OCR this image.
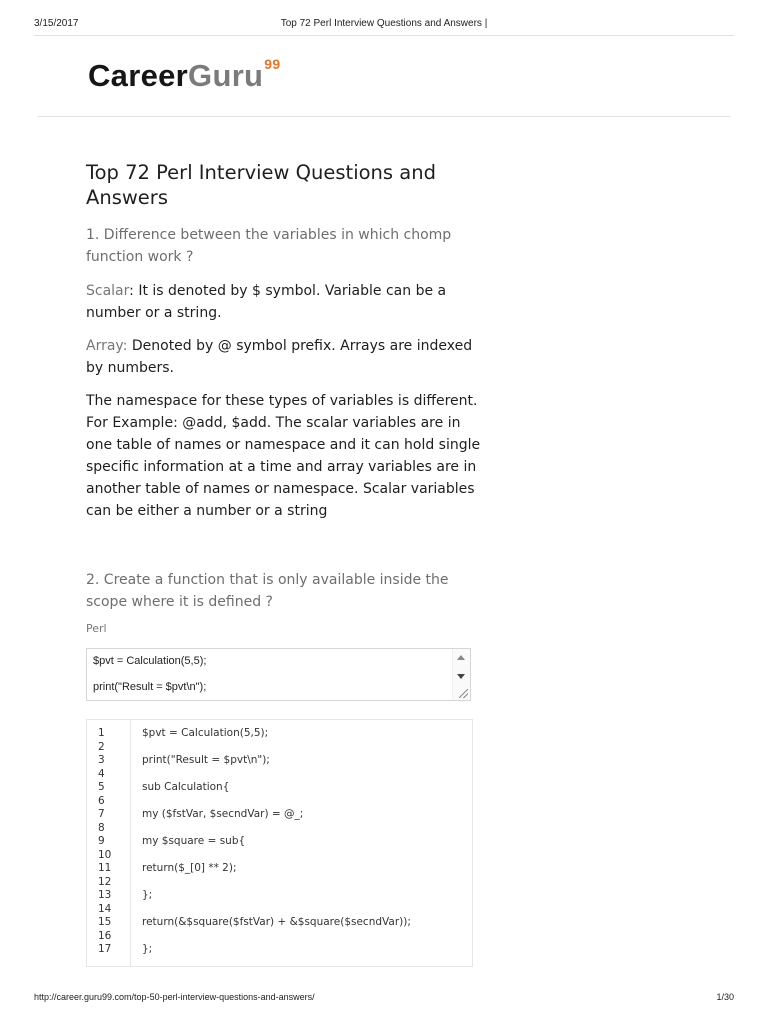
3/15/2017	Top 72 Perl Interview Questions and Answers |
CareerGuru$^{99}$
Top 72 Perl Interview Questions and Answers
1. Difference between the variables in which chomp function work ?

Scalar: It is denoted by $ symbol. Variable can be a number or a string.

Array: Denoted by @ symbol prefix. Arrays are indexed by numbers.

The namespace for these types of variables is different. For Example: @add, $add. The scalar variables are in one table of names or namespace and it can hold single specific information at a time and array variables are in another table of names or namespace. Scalar variables can be either a number or a string

2. Create a function that is only available inside the scope where it is defined ?
Perl
$pvt = Calculation(5,5);
print("Result = $pvt\n");
1
2
3
4
5
6
7
8
9
10
11
12
13
14
15
16
17
$pvt = Calculation(5,5);
print("Result = $pvt\n");
sub Calculation{
my ($fstVar, $secndVar) = @_;
my $square = sub{
return($_[0] ** 2);
};
return(&$square($fstVar) + &$square($secndVar));
};
http://career.guru99.com/top-50-perl-interview-questions-and-answers/	1/30
